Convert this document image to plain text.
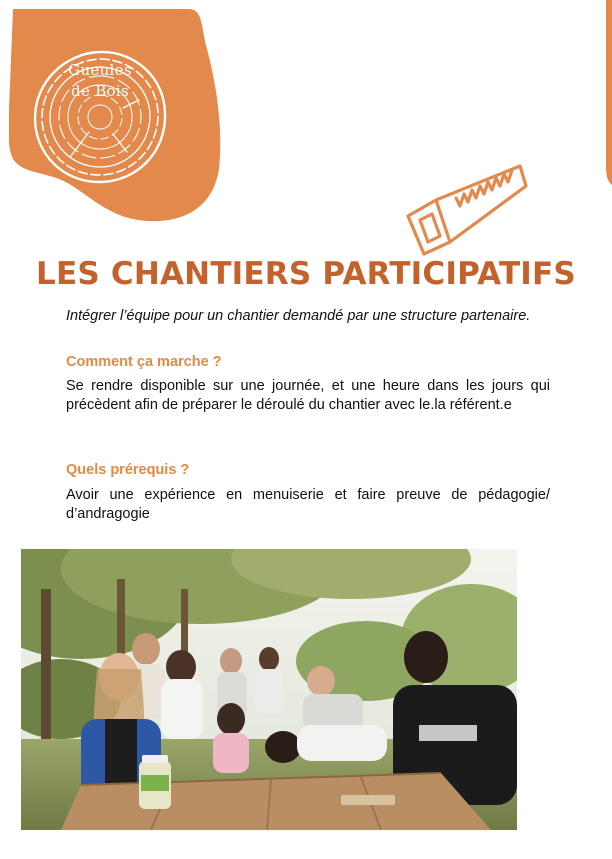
Gueules
de Bois
LES CHANTIERS PARTICIPATIFS

Intégrer l’équipe pour un chantier demandé par une structure partenaire.

Comment ça marche ?

Se rendre disponible sur une journée, et une heure dans les jours qui précèdent afin de préparer le déroulé du chantier avec le.la référent.e

Quels prérequis ?

Avoir une expérience en menuiserie et faire preuve de pédagogie/ d’andragogie
